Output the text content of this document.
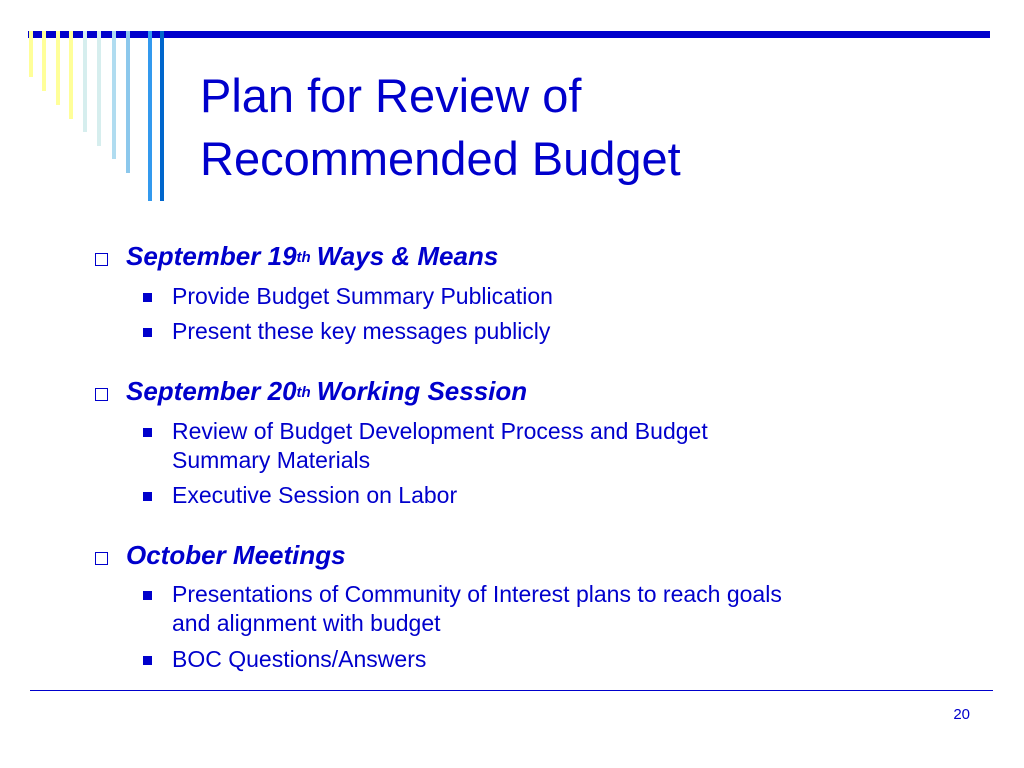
Plan for Review of
Recommended Budget
September 19th Ways & Means
Provide Budget Summary Publication
Present these key messages publicly
September 20th Working Session
Review of Budget Development Process and Budget
Summary Materials
Executive Session on Labor
October Meetings
Presentations of Community of Interest plans to reach goals
and alignment with budget
BOC Questions/Answers
20
